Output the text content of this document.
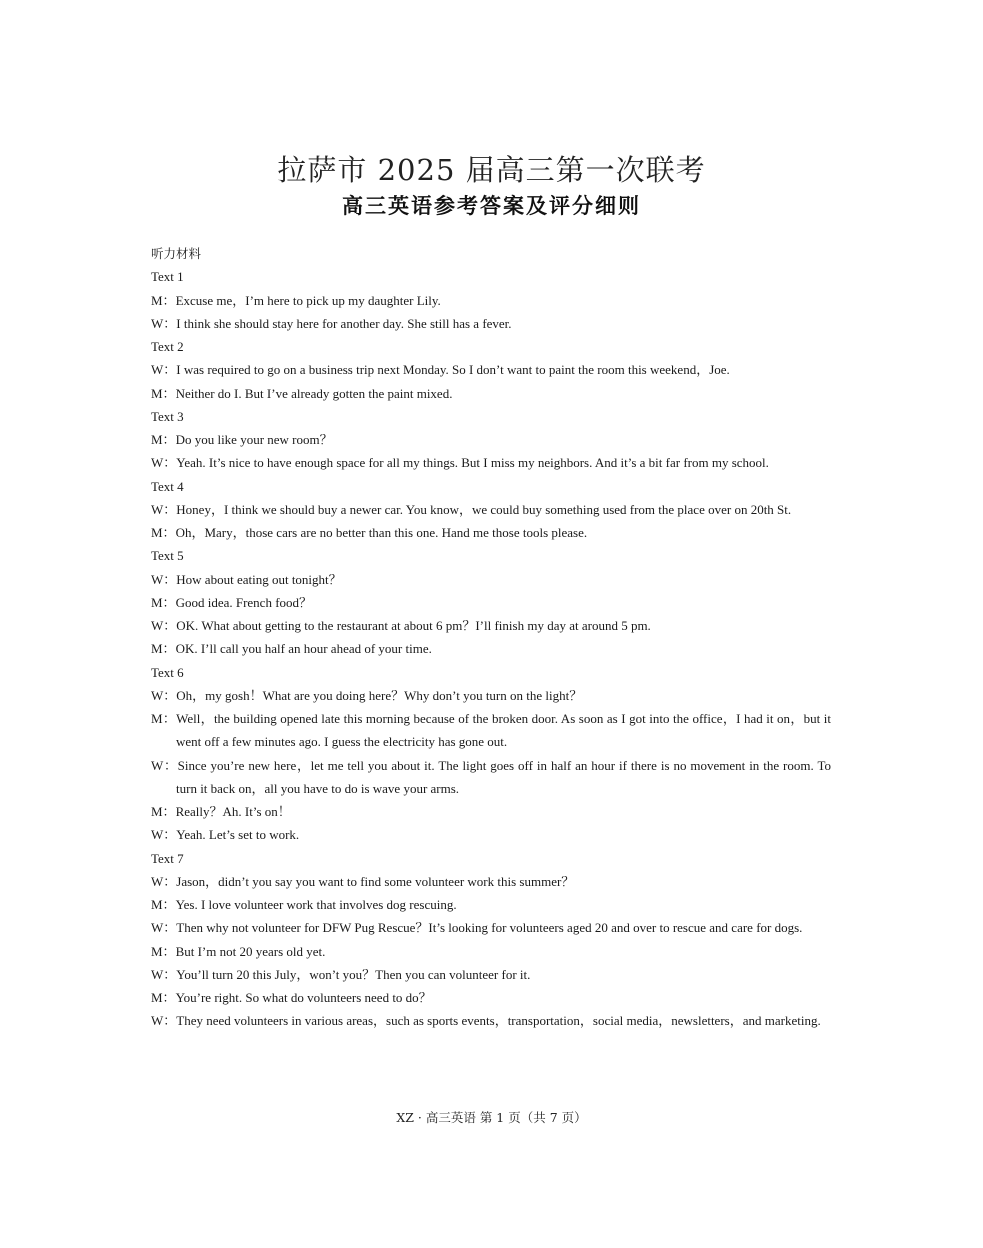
拉萨市 2025 届高三第一次联考
高三英语参考答案及评分细则
听力材料
Text 1
M：Excuse me，I’m here to pick up my daughter Lily.
W：I think she should stay here for another day. She still has a fever.
Text 2
W：I was required to go on a business trip next Monday. So I don’t want to paint the room this weekend，Joe.
M：Neither do I. But I’ve already gotten the paint mixed.
Text 3
M：Do you like your new room？
W：Yeah. It’s nice to have enough space for all my things. But I miss my neighbors. And it’s a bit far from my school.
Text 4
W：Honey，I think we should buy a newer car. You know，we could buy something used from the place over on 20th St.
M：Oh，Mary，those cars are no better than this one. Hand me those tools please.
Text 5
W：How about eating out tonight？
M：Good idea. French food？
W：OK. What about getting to the restaurant at about 6 pm？I’ll finish my day at around 5 pm.
M：OK. I’ll call you half an hour ahead of your time.
Text 6
W：Oh，my gosh！What are you doing here？Why don’t you turn on the light？
M：Well，the building opened late this morning because of the broken door. As soon as I got into the office，I had it on，but it went off a few minutes ago. I guess the electricity has gone out.
W：Since you’re new here，let me tell you about it. The light goes off in half an hour if there is no movement in the room. To turn it back on，all you have to do is wave your arms.
M：Really？Ah. It’s on！
W：Yeah. Let’s set to work.
Text 7
W：Jason，didn’t you say you want to find some volunteer work this summer？
M：Yes. I love volunteer work that involves dog rescuing.
W：Then why not volunteer for DFW Pug Rescue？It’s looking for volunteers aged 20 and over to rescue and care for dogs.
M：But I’m not 20 years old yet.
W：You’ll turn 20 this July，won’t you？Then you can volunteer for it.
M：You’re right. So what do volunteers need to do？
W：They need volunteers in various areas，such as sports events，transportation，social media，newsletters，and marketing.
XZ · 高三英语 第 1 页（共 7 页）
